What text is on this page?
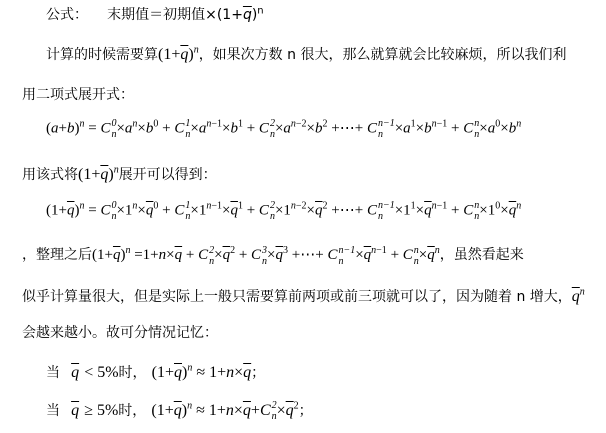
公式： 末期值＝初期值$\times(1+\overline{q})^n$
计算的时候需要算$(1+\overline{q})^n$，如果次方数 n 很大，那么就算就会比较麻烦，所以我们利
用二项式展开式：
$(a+b)^n = C$ 0
$n \times a^n\times b^0 + C$ 1
$n \times a^{n-1}\times b^1 + C$ 2
$n \times a^{n-2}\times b^2$ +⋯+ C n−1
$n \times a^1\times b^{n-1} + C$ n
$n \times a^0\times b^n$
用该式将$(1+\overline{q})^n$展开可以得到：
$(1+\overline{q})^n = C$ 0
$n \times 1^n\times\overline{q}^0 + C$ 1
$n \times 1^{n-1}\times\overline{q}^1 + C$ 2
$n \times 1^{n-2}\times\overline{q}^2$ +⋯+ C n−1
$n \times 1^1\times\overline{q}^{n-1} + C$ n
$n \times 1^0\times\overline{q}^n$
，整理之后$(1+\overline{q})^n =1+n\times\overline{q} + C$ 2
$n \times\overline{q}^2 + C$ 3
$n \times\overline{q}^3$ +⋯+ C n−1
$n \times\overline{q}^{n-1} + C$ n
$n \times\overline{q}^n$，虽然看起来
似乎计算量很大，但是实际上一般只需要算前两项或前三项就可以了，因为随着 n 增大，$\overline{q}^n$
会越来越小。故可分情况记忆：
当 $\overline{q} < 5\%$时， $(1+\overline{q})^n \approx 1+n\times\overline{q}$；
当 $\overline{q} \ge 5\%$时， $(1+\overline{q})^n \approx 1+n\times\overline{q}+C$ 2
$n \times\overline{q}^2$；
